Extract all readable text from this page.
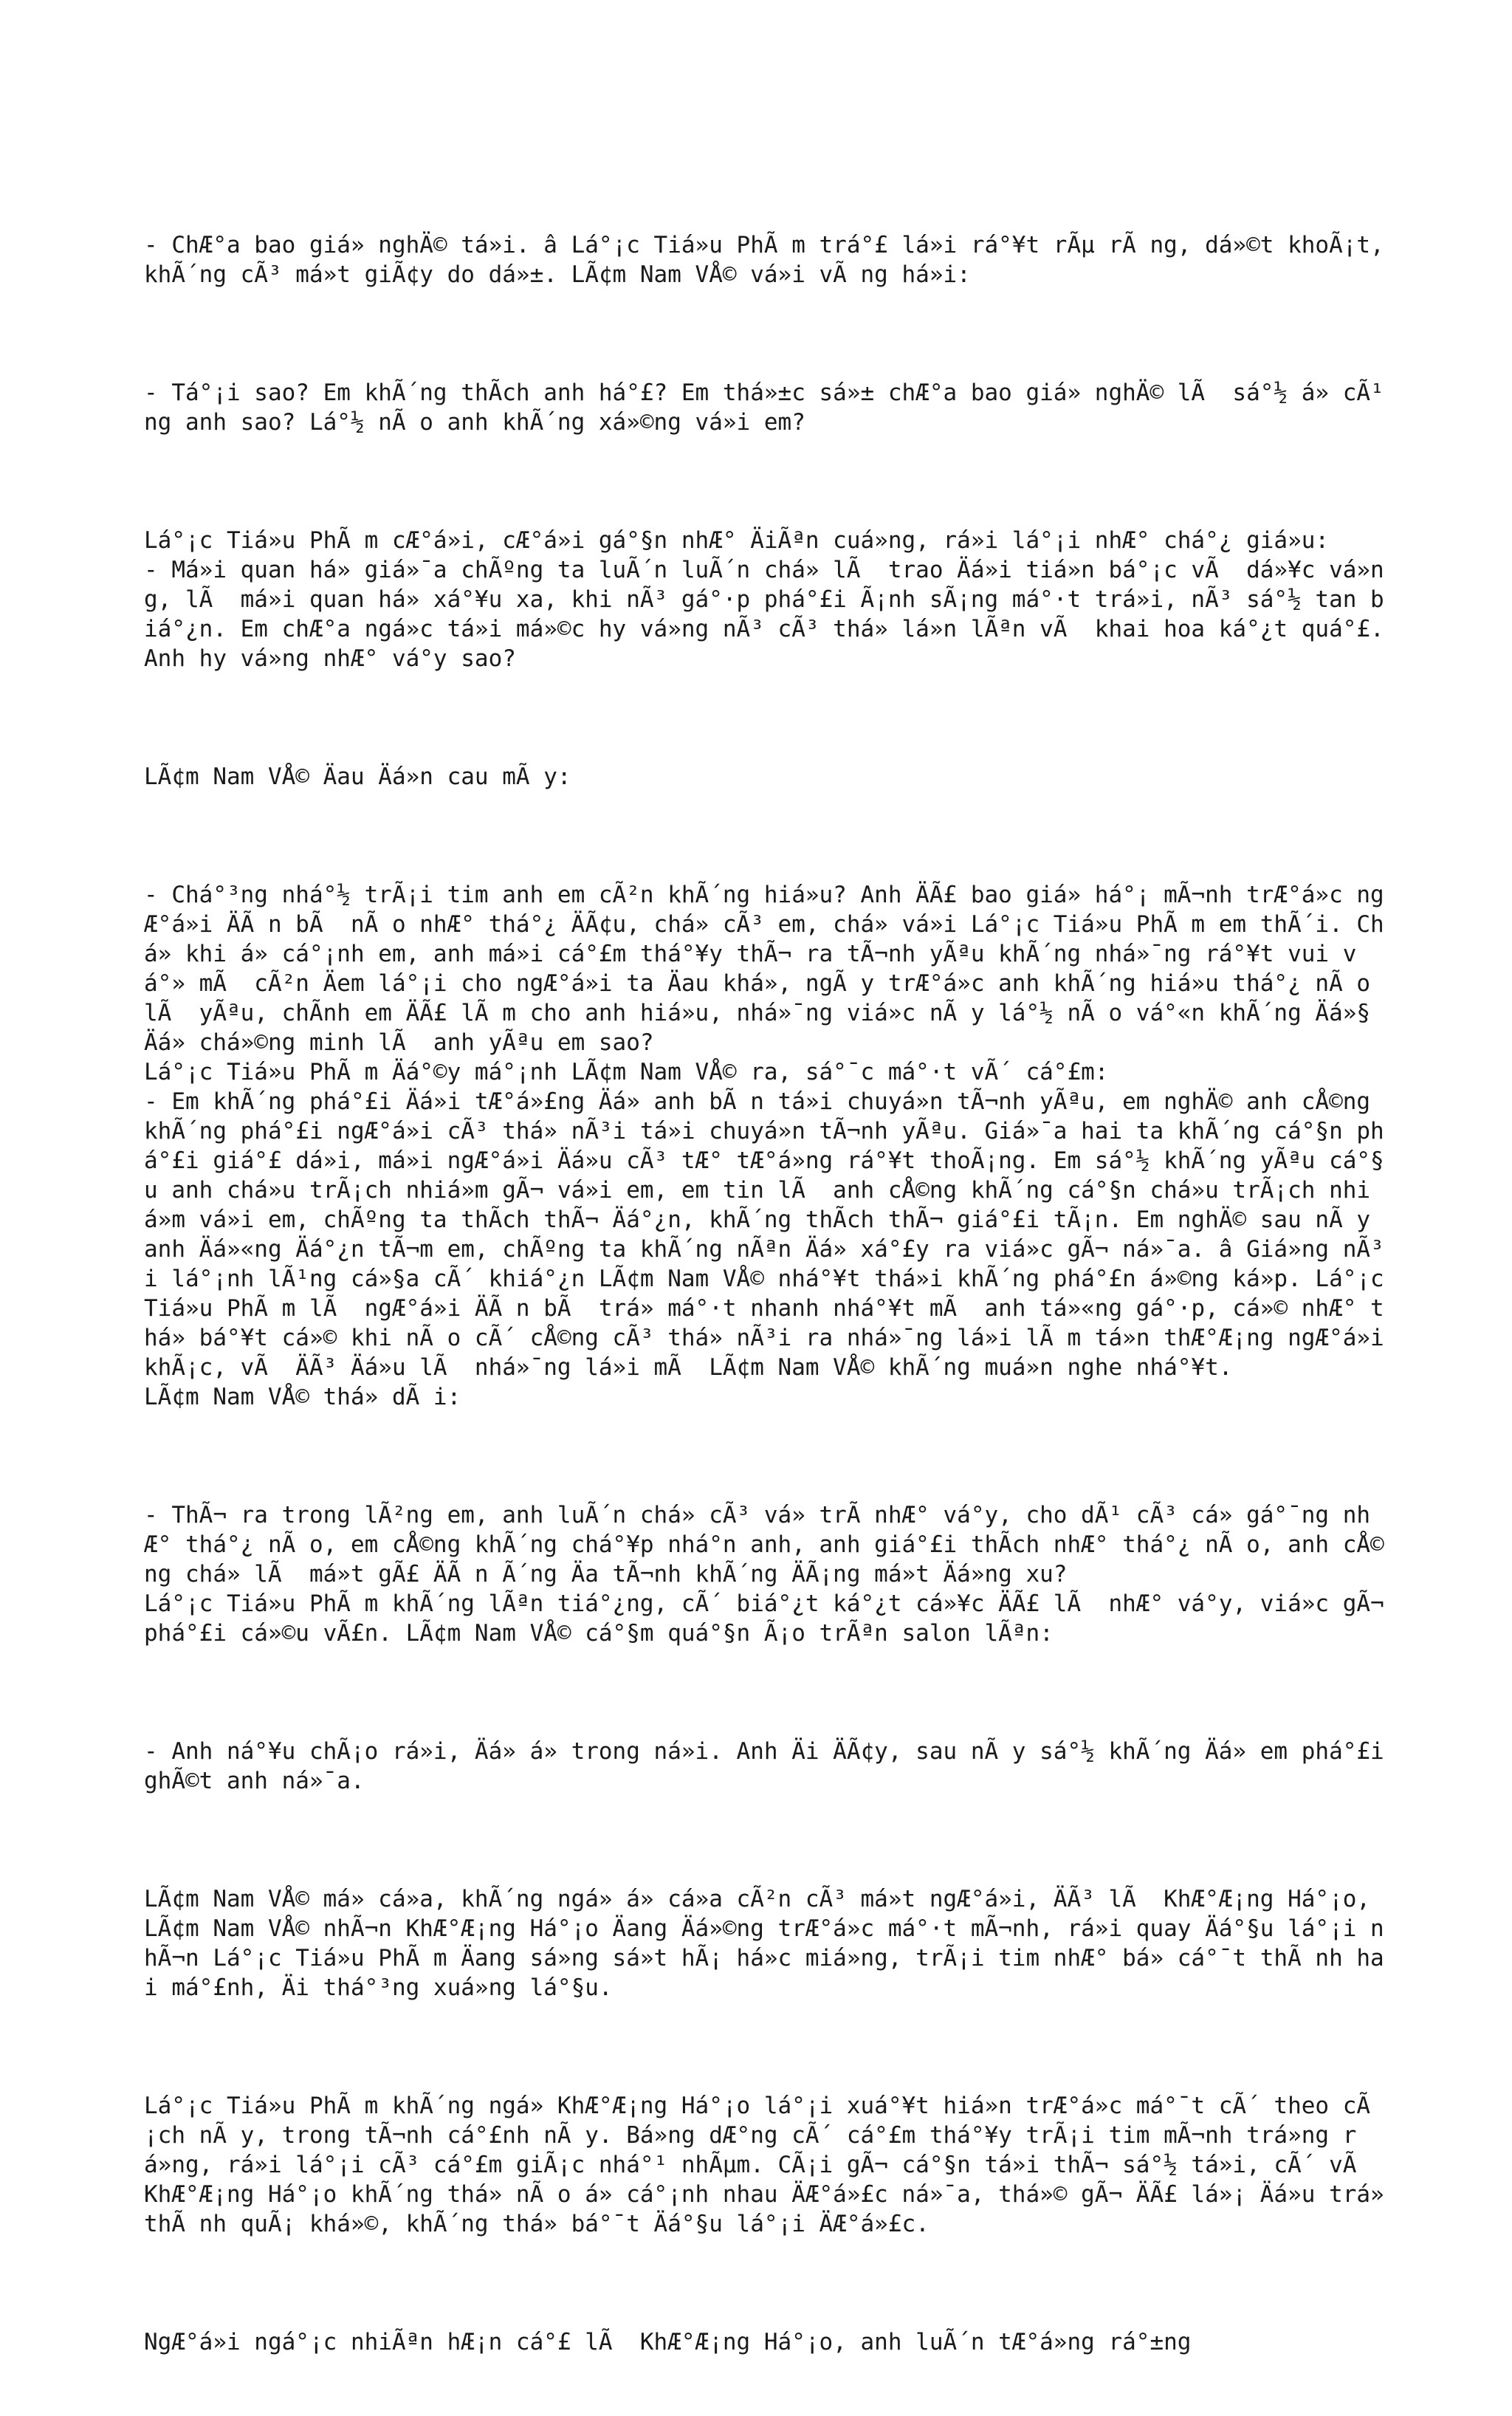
- ChÆ°a bao giá» nghÄ© tá»i. â Lá°¡c Tiá»u PhÃ m trá°£ lá»i rá°¥t rÃµ rÃ ng, dá»©t khoÃ¡t, khÃ´ng cÃ³ má»t giÃ¢y do dá»±. LÃ¢m Nam VÅ© vá»i vÃ ng há»i:

- Tá°¡i sao? Em khÃ´ng thÃch anh há°£? Em thá»±c sá»± chÆ°a bao giá» nghÄ© lÃ  sá°½ á» cÃ¹ng anh sao? Lá°½ nÃ o anh khÃ´ng xá»©ng vá»i em?

Lá°¡c Tiá»u PhÃ m cÆ°á»i, cÆ°á»i gá°§n nhÆ° ÄiÃªn cuá»ng, rá»i lá°¡i nhÆ° chá°¿ giá»u:
- Má»i quan há» giá»¯a chÃºng ta luÃ´n luÃ´n chá» lÃ  trao Äá»i tiá»n bá°¡c vÃ  dá»¥c vá»ng, lÃ  má»i quan há» xá°¥u xa, khi nÃ³ gá°·p phá°£i Ã¡nh sÃ¡ng má°·t trá»i, nÃ³ sá°½ tan biá°¿n. Em chÆ°a ngá»c tá»i má»©c hy vá»ng nÃ³ cÃ³ thá» lá»n lÃªn vÃ  khai hoa ká°¿t quá°£. Anh hy vá»ng nhÆ° vá°y sao?

LÃ¢m Nam VÅ© Äau Äá»n cau mÃ y:

- Chá°³ng nhá°½ trÃ¡i tim anh em cÃ²n khÃ´ng hiá»u? Anh ÄÃ£ bao giá» há°¡ mÃ¬nh trÆ°á»c ngÆ°á»i ÄÃ n bÃ  nÃ o nhÆ° thá°¿ ÄÃ¢u, chá» cÃ³ em, chá» vá»i Lá°¡c Tiá»u PhÃ m em thÃ´i. Chá» khi á» cá°¡nh em, anh má»i cá°£m thá°¥y thÃ¬ ra tÃ¬nh yÃªu khÃ´ng nhá»¯ng rá°¥t vui vá°» mÃ  cÃ²n Äem lá°¡i cho ngÆ°á»i ta Äau khá», ngÃ y trÆ°á»c anh khÃ´ng hiá»u thá°¿ nÃ o lÃ  yÃªu, chÃnh em ÄÃ£ lÃ m cho anh hiá»u, nhá»¯ng viá»c nÃ y lá°½ nÃ o vá°«n khÃ´ng Äá»§ Äá» chá»©ng minh lÃ  anh yÃªu em sao?
Lá°¡c Tiá»u PhÃ m Äá°©y má°¡nh LÃ¢m Nam VÅ© ra, sá°¯c má°·t vÃ´ cá°£m:
- Em khÃ´ng phá°£i Äá»i tÆ°á»£ng Äá» anh bÃ n tá»i chuyá»n tÃ¬nh yÃªu, em nghÄ© anh cÅ©ng khÃ´ng phá°£i ngÆ°á»i cÃ³ thá» nÃ³i tá»i chuyá»n tÃ¬nh yÃªu. Giá»¯a hai ta khÃ´ng cá°§n phá°£i giá°£ dá»i, má»i ngÆ°á»i Äá»u cÃ³ tÆ° tÆ°á»ng rá°¥t thoÃ¡ng. Em sá°½ khÃ´ng yÃªu cá°§u anh chá»u trÃ¡ch nhiá»m gÃ¬ vá»i em, em tin lÃ  anh cÅ©ng khÃ´ng cá°§n chá»u trÃ¡ch nhiá»m vá»i em, chÃºng ta thÃch thÃ¬ Äá°¿n, khÃ´ng thÃch thÃ¬ giá°£i tÃ¡n. Em nghÄ© sau nÃ y anh Äá»«ng Äá°¿n tÃ¬m em, chÃºng ta khÃ´ng nÃªn Äá» xá°£y ra viá»c gÃ¬ ná»¯a. â Giá»ng nÃ³i lá°¡nh lÃ¹ng cá»§a cÃ´ khiá°¿n LÃ¢m Nam VÅ© nhá°¥t thá»i khÃ´ng phá°£n á»©ng ká»p. Lá°¡c Tiá»u PhÃ m lÃ  ngÆ°á»i ÄÃ n bÃ  trá» má°·t nhanh nhá°¥t mÃ  anh tá»«ng gá°·p, cá»© nhÆ° thá» bá°¥t cá»© khi nÃ o cÃ´ cÅ©ng cÃ³ thá» nÃ³i ra nhá»¯ng lá»i lÃ m tá»n thÆ°Æ¡ng ngÆ°á»i khÃ¡c, vÃ  ÄÃ³ Äá»u lÃ  nhá»¯ng lá»i mÃ  LÃ¢m Nam VÅ© khÃ´ng muá»n nghe nhá°¥t.
LÃ¢m Nam VÅ© thá» dÃ i:

- ThÃ¬ ra trong lÃ²ng em, anh luÃ´n chá» cÃ³ vá» trÃ nhÆ° vá°y, cho dÃ¹ cÃ³ cá» gá°¯ng nhÆ° thá°¿ nÃ o, em cÅ©ng khÃ´ng chá°¥p nhá°n anh, anh giá°£i thÃch nhÆ° thá°¿ nÃ o, anh cÅ©ng chá» lÃ  má»t gÃ£ ÄÃ n Ã´ng Äa tÃ¬nh khÃ´ng ÄÃ¡ng má»t Äá»ng xu?
Lá°¡c Tiá»u PhÃ m khÃ´ng lÃªn tiá°¿ng, cÃ´ biá°¿t ká°¿t cá»¥c ÄÃ£ lÃ  nhÆ° vá°y, viá»c gÃ¬ phá°£i cá»©u vÃ£n. LÃ¢m Nam VÅ© cá°§m quá°§n Ã¡o trÃªn salon lÃªn:

- Anh ná°¥u chÃ¡o rá»i, Äá» á» trong ná»i. Anh Äi ÄÃ¢y, sau nÃ y sá°½ khÃ´ng Äá» em phá°£i ghÃ©t anh ná»¯a.

LÃ¢m Nam VÅ© má» cá»a, khÃ´ng ngá» á» cá»a cÃ²n cÃ³ má»t ngÆ°á»i, ÄÃ³ lÃ  KhÆ°Æ¡ng Há°¡o, LÃ¢m Nam VÅ© nhÃ¬n KhÆ°Æ¡ng Há°¡o Äang Äá»©ng trÆ°á»c má°·t mÃ¬nh, rá»i quay Äá°§u lá°¡i nhÃ¬n Lá°¡c Tiá»u PhÃ m Äang sá»ng sá»t hÃ¡ há»c miá»ng, trÃ¡i tim nhÆ° bá» cá°¯t thÃ nh hai má°£nh, Äi thá°³ng xuá»ng lá°§u.

Lá°¡c Tiá»u PhÃ m khÃ´ng ngá» KhÆ°Æ¡ng Há°¡o lá°¡i xuá°¥t hiá»n trÆ°á»c má°¯t cÃ´ theo cÃ¡ch nÃ y, trong tÃ¬nh cá°£nh nÃ y. Bá»ng dÆ°ng cÃ´ cá°£m thá°¥y trÃ¡i tim mÃ¬nh trá»ng rá»ng, rá»i lá°¡i cÃ³ cá°£m giÃ¡c nhá°¹ nhÃµm. CÃ¡i gÃ¬ cá°§n tá»i thÃ¬ sá°½ tá»i, cÃ´ vÃ  KhÆ°Æ¡ng Há°¡o khÃ´ng thá» nÃ o á» cá°¡nh nhau ÄÆ°á»£c ná»¯a, thá»© gÃ¬ ÄÃ£ lá»¡ Äá»u trá» thÃ nh quÃ¡ khá»©, khÃ´ng thá» bá°¯t Äá°§u lá°¡i ÄÆ°á»£c.

NgÆ°á»i ngá°¡c nhiÃªn hÆ¡n cá°£ lÃ  KhÆ°Æ¡ng Há°¡o, anh luÃ´n tÆ°á»ng rá°±ng
